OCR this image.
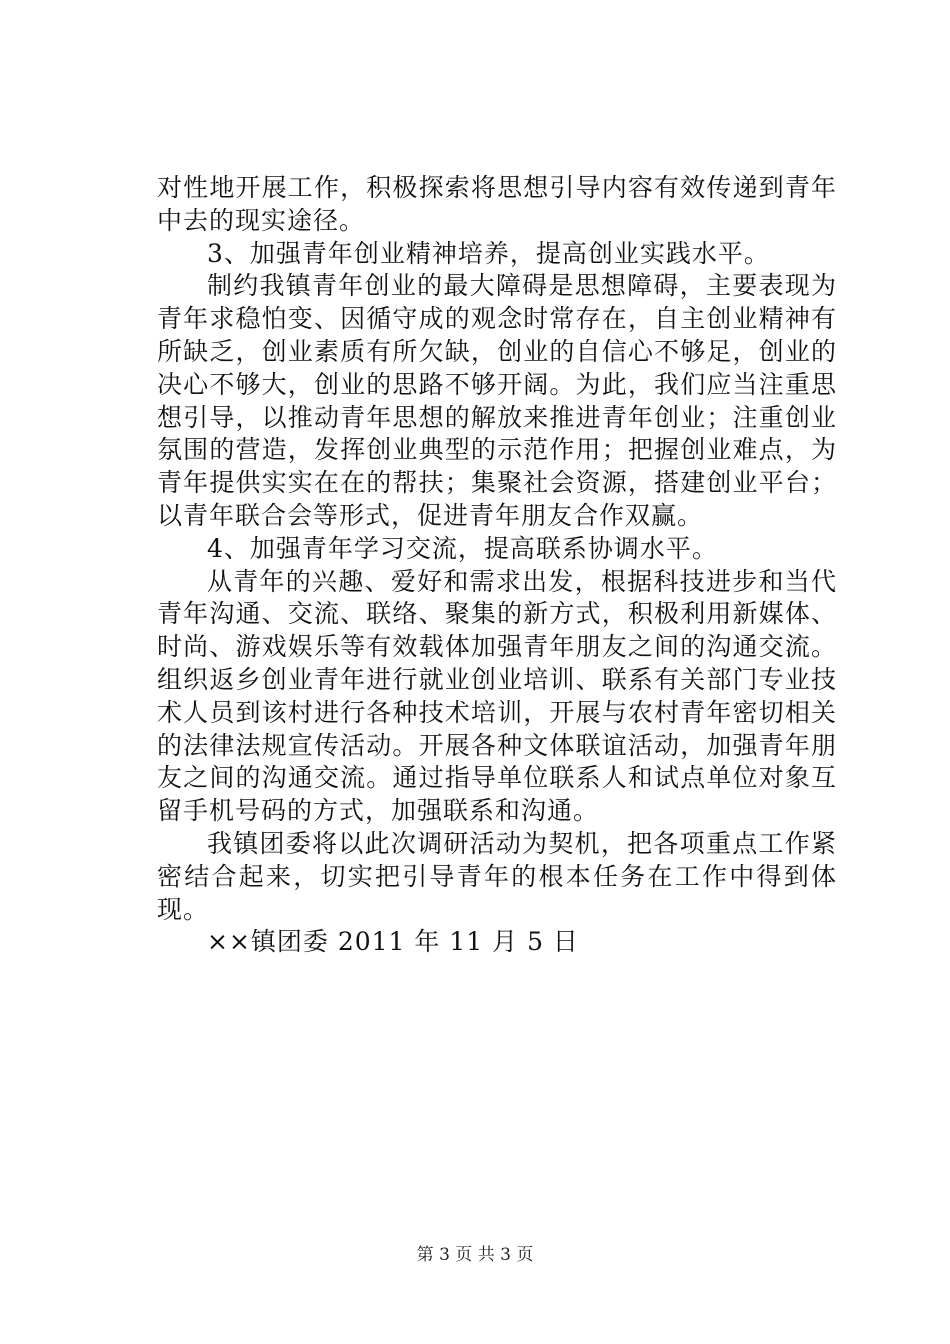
对性地开展工作，积极探索将思想引导内容有效传递到青年中去的现实途径。

3、加强青年创业精神培养，提高创业实践水平。

制约我镇青年创业的最大障碍是思想障碍，主要表现为青年求稳怕变、因循守成的观念时常存在，自主创业精神有所缺乏，创业素质有所欠缺，创业的自信心不够足，创业的决心不够大，创业的思路不够开阔。为此，我们应当注重思想引导，以推动青年思想的解放来推进青年创业；注重创业氛围的营造，发挥创业典型的示范作用；把握创业难点，为青年提供实实在在的帮扶；集聚社会资源，搭建创业平台；以青年联合会等形式，促进青年朋友合作双赢。

4、加强青年学习交流，提高联系协调水平。

从青年的兴趣、爱好和需求出发，根据科技进步和当代青年沟通、交流、联络、聚集的新方式，积极利用新媒体、时尚、游戏娱乐等有效载体加强青年朋友之间的沟通交流。组织返乡创业青年进行就业创业培训、联系有关部门专业技术人员到该村进行各种技术培训，开展与农村青年密切相关的法律法规宣传活动。开展各种文体联谊活动，加强青年朋友之间的沟通交流。通过指导单位联系人和试点单位对象互留手机号码的方式，加强联系和沟通。

我镇团委将以此次调研活动为契机，把各项重点工作紧密结合起来，切实把引导青年的根本任务在工作中得到体现。

××镇团委 2011 年 11 月 5 日

第 3 页 共 3 页
